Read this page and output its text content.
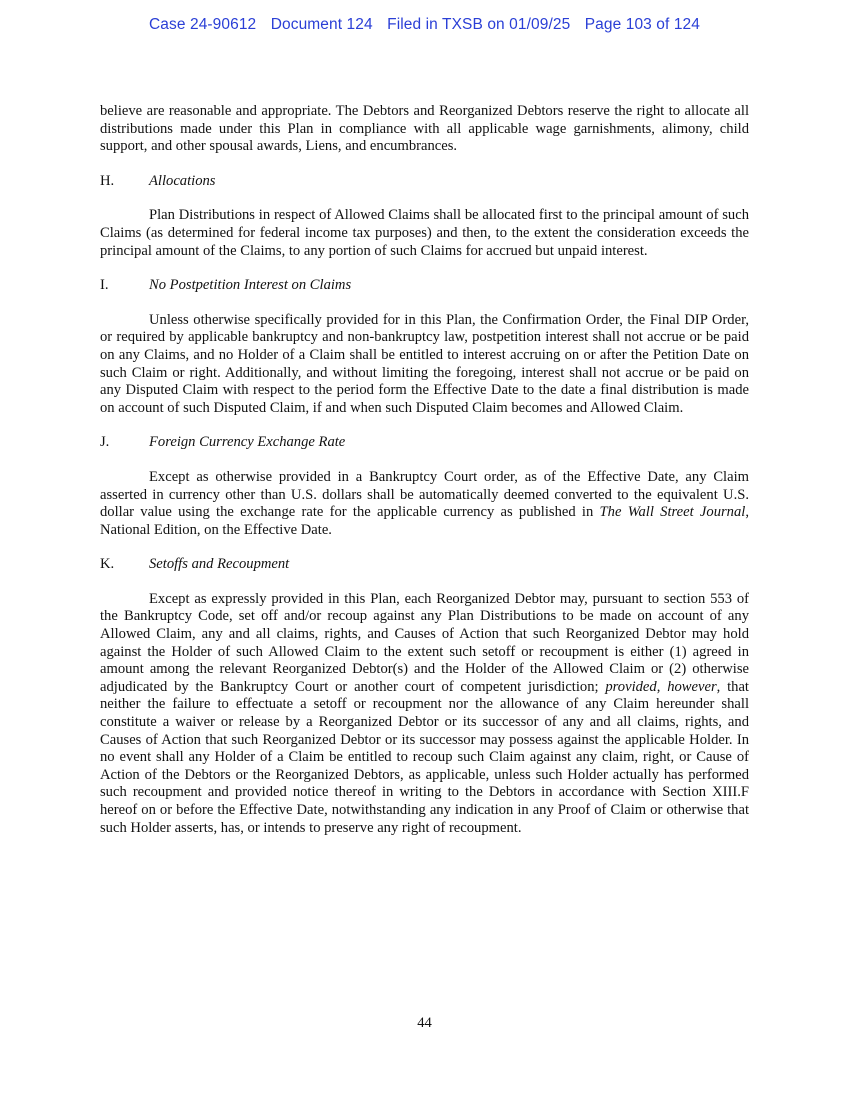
Case 24-90612 Document 124 Filed in TXSB on 01/09/25 Page 103 of 124

believe are reasonable and appropriate. The Debtors and Reorganized Debtors reserve the right to allocate all distributions made under this Plan in compliance with all applicable wage garnishments, alimony, child support, and other spousal awards, Liens, and encumbrances.

H.	Allocations

Plan Distributions in respect of Allowed Claims shall be allocated first to the principal amount of such Claims (as determined for federal income tax purposes) and then, to the extent the consideration exceeds the principal amount of the Claims, to any portion of such Claims for accrued but unpaid interest.

I.	No Postpetition Interest on Claims

Unless otherwise specifically provided for in this Plan, the Confirmation Order, the Final DIP Order, or required by applicable bankruptcy and non-bankruptcy law, postpetition interest shall not accrue or be paid on any Claims, and no Holder of a Claim shall be entitled to interest accruing on or after the Petition Date on such Claim or right. Additionally, and without limiting the foregoing, interest shall not accrue or be paid on any Disputed Claim with respect to the period form the Effective Date to the date a final distribution is made on account of such Disputed Claim, if and when such Disputed Claim becomes and Allowed Claim.

J.	Foreign Currency Exchange Rate

Except as otherwise provided in a Bankruptcy Court order, as of the Effective Date, any Claim asserted in currency other than U.S. dollars shall be automatically deemed converted to the equivalent U.S. dollar value using the exchange rate for the applicable currency as published in The Wall Street Journal, National Edition, on the Effective Date.

K.	Setoffs and Recoupment

Except as expressly provided in this Plan, each Reorganized Debtor may, pursuant to section 553 of the Bankruptcy Code, set off and/or recoup against any Plan Distributions to be made on account of any Allowed Claim, any and all claims, rights, and Causes of Action that such Reorganized Debtor may hold against the Holder of such Allowed Claim to the extent such setoff or recoupment is either (1) agreed in amount among the relevant Reorganized Debtor(s) and the Holder of the Allowed Claim or (2) otherwise adjudicated by the Bankruptcy Court or another court of competent jurisdiction; provided, however, that neither the failure to effectuate a setoff or recoupment nor the allowance of any Claim hereunder shall constitute a waiver or release by a Reorganized Debtor or its successor of any and all claims, rights, and Causes of Action that such Reorganized Debtor or its successor may possess against the applicable Holder. In no event shall any Holder of a Claim be entitled to recoup such Claim against any claim, right, or Cause of Action of the Debtors or the Reorganized Debtors, as applicable, unless such Holder actually has performed such recoupment and provided notice thereof in writing to the Debtors in accordance with Section XIII.F hereof on or before the Effective Date, notwithstanding any indication in any Proof of Claim or otherwise that such Holder asserts, has, or intends to preserve any right of recoupment.

44
